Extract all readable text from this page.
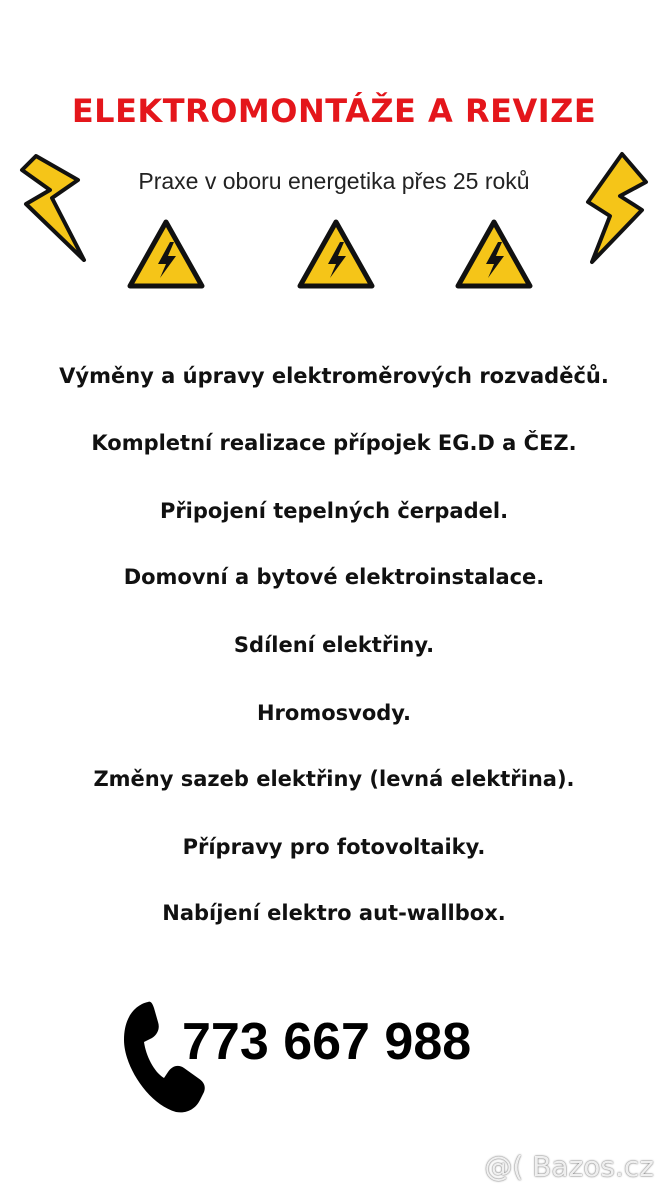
ELEKTROMONTÁŽE A REVIZE
Praxe v oboru energetika přes 25 roků
Výměny a úpravy elektroměrových rozvaděčů.
Kompletní realizace přípojek EG.D a ČEZ.
Připojení tepelných čerpadel.
Domovní a bytové elektroinstalace.
Sdílení elektřiny.
Hromosvody.
Změny sazeb elektřiny (levná elektřina).
Přípravy pro fotovoltaiky.
Nabíjení elektro aut-wallbox.
773 667 988
@( Bazos.cz
